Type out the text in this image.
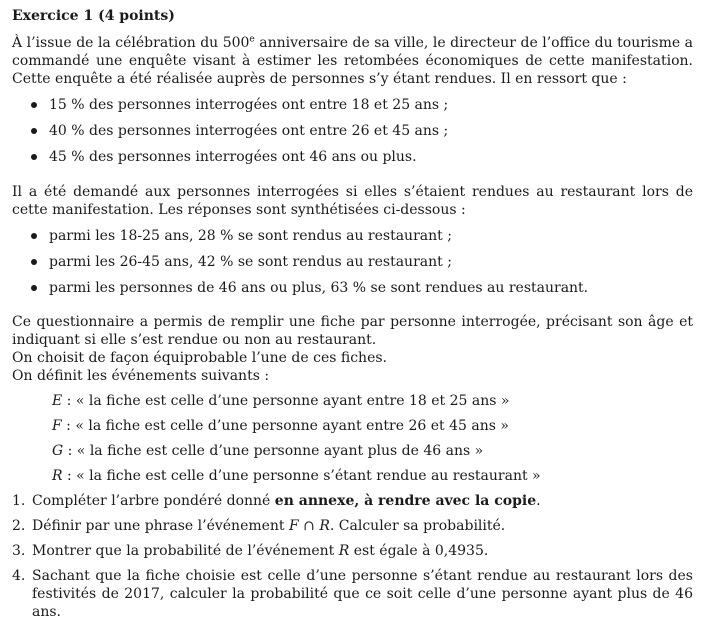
Exercice 1 (4 points)

À l’issue de la célébration du 500e anniversaire de sa ville, le directeur de l’office du tourisme a commandé une enquête visant à estimer les retombées économiques de cette manifestation. Cette enquête a été réalisée auprès de personnes s’y étant rendues. Il en ressort que :

15 % des personnes interrogées ont entre 18 et 25 ans ;
40 % des personnes interrogées ont entre 26 et 45 ans ;
45 % des personnes interrogées ont 46 ans ou plus.

Il a été demandé aux personnes interrogées si elles s’étaient rendues au restaurant lors de cette manifestation. Les réponses sont synthétisées ci-dessous :

parmi les 18-25 ans, 28 % se sont rendus au restaurant ;
parmi les 26-45 ans, 42 % se sont rendus au restaurant ;
parmi les personnes de 46 ans ou plus, 63 % se sont rendues au restaurant.

Ce questionnaire a permis de remplir une fiche par personne interrogée, précisant son âge et indiquant si elle s’est rendue ou non au restaurant.

On choisit de façon équiprobable l’une de ces fiches.

On définit les événements suivants :

E : « la fiche est celle d’une personne ayant entre 18 et 25 ans »
F : « la fiche est celle d’une personne ayant entre 26 et 45 ans »
G : « la fiche est celle d’une personne ayant plus de 46 ans »
R : « la fiche est celle d’une personne s’étant rendue au restaurant »
1. Compléter l’arbre pondéré donné en annexe, à rendre avec la copie.
2. Définir par une phrase l’événement F ∩ R. Calculer sa probabilité.
3. Montrer que la probabilité de l’événement R est égale à 0,4935.
4. Sachant que la fiche choisie est celle d’une personne s’étant rendue au restaurant lors des festivités de 2017, calculer la probabilité que ce soit celle d’une personne ayant plus de 46 ans.
